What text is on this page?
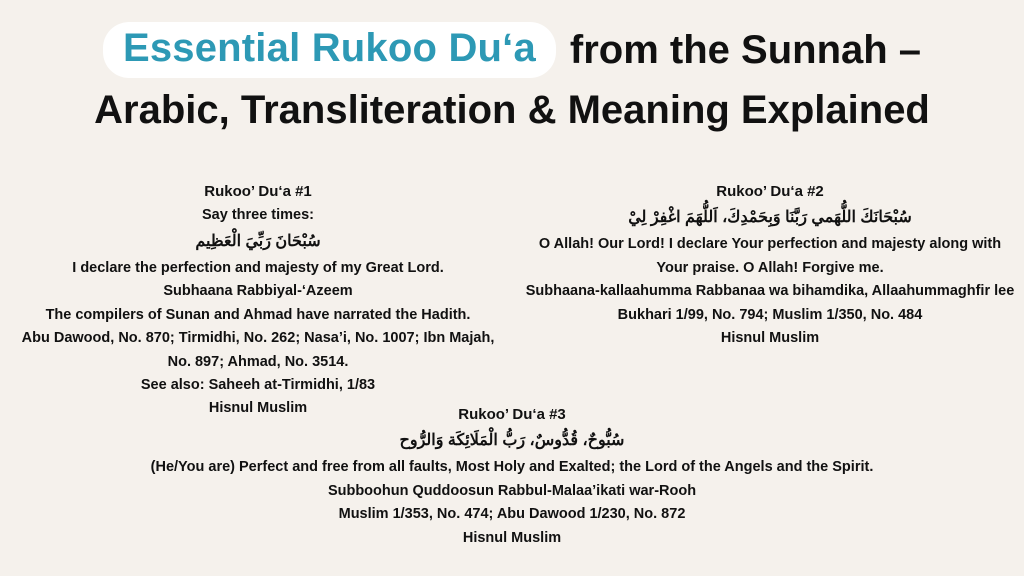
Essential Rukoo Du‘a from the Sunnah –
Arabic, Transliteration & Meaning Explained

Rukoo’ Du‘a #1

Say three times:

سُبْحَانَ رَبِّيَ الْعَظِيم

I declare the perfection and majesty of my Great Lord.

Subhaana Rabbiyal-‘Azeem

The compilers of Sunan and Ahmad have narrated the Hadith.

Abu Dawood, No. 870; Tirmidhi, No. 262; Nasa’i, No. 1007; Ibn Majah, No. 897; Ahmad, No. 3514.

See also: Saheeh at-Tirmidhi, 1/83

Hisnul Muslim

Rukoo’ Du‘a #2

سُبْحَانَكَ اللُّهَمي رَبَّنَا وَبِحَمْدِكَ، اَللُّهَمَ اغْفِرْ لِيْ

O Allah! Our Lord! I declare Your perfection and majesty along with Your praise. O Allah! Forgive me.

Subhaana-kallaahumma Rabbanaa wa bihamdika, Allaahummaghfir lee

Bukhari 1/99, No. 794; Muslim 1/350, No. 484

Hisnul Muslim

Rukoo’ Du‘a #3

سُبُّوحٌ، قُدُّوسٌ، رَبُّ الْمَلَائِكَة وَالرُّوح

(He/You are) Perfect and free from all faults, Most Holy and Exalted; the Lord of the Angels and the Spirit.

Subboohun Quddoosun Rabbul-Malaa’ikati war-Rooh

Muslim 1/353, No. 474; Abu Dawood 1/230, No. 872

Hisnul Muslim
